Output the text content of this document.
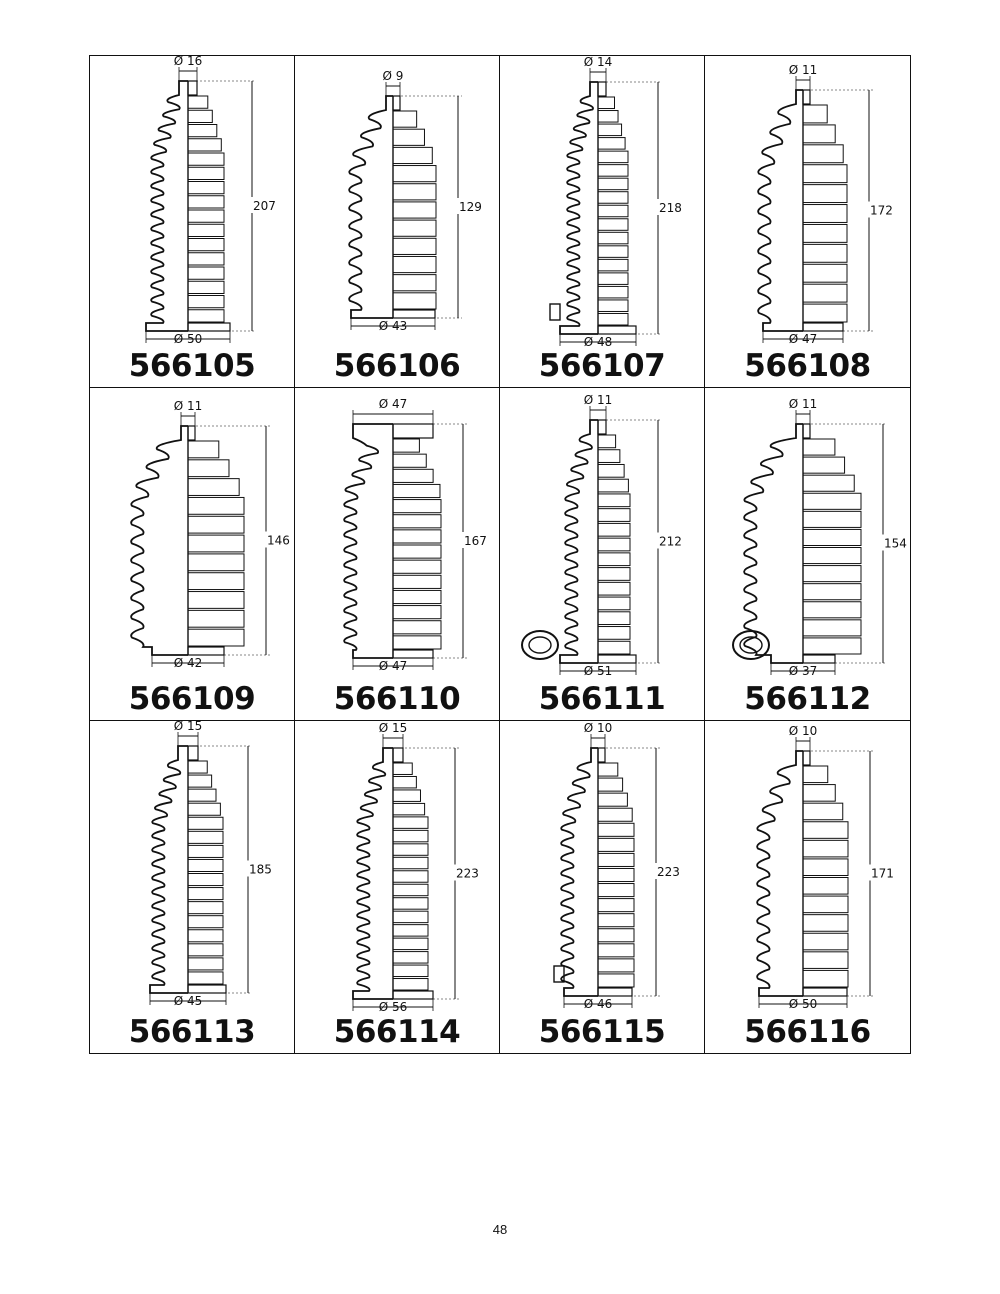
Ø 16
Ø 50
207
566105
Ø 9
Ø 43
129
566106
Ø 14
Ø 48
218
566107
Ø 11
Ø 47
172
566108
Ø 11
Ø 42
146
566109
Ø 47
Ø 47
167
566110
Ø 11
Ø 51
212
566111
Ø 11
Ø 37
154
566112
Ø 15
Ø 45
185
566113
Ø 15
Ø 56
223
566114
Ø 10
Ø 46
223
566115
Ø 10
Ø 50
171
566116
48
